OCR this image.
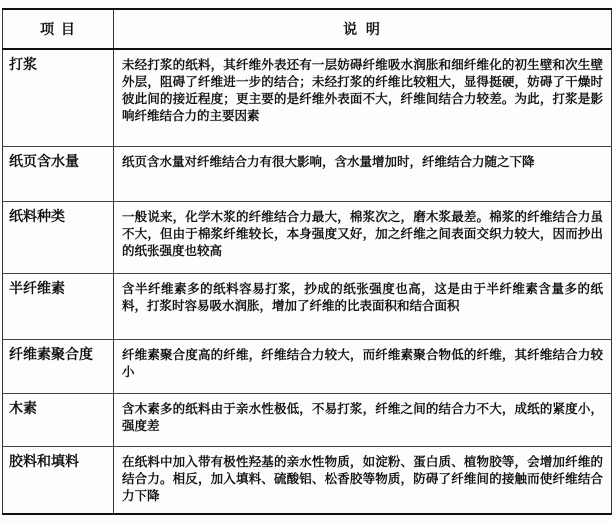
项 目	说 明
打浆	未经打浆的纸料，其纤维外表还有一层妨碍纤维吸水润胀和细纤维化的初生壁和次生壁外层，阻碍了纤维进一步的结合；未经打浆的纤维比较粗大，显得挺硬，妨碍了干燥时彼此间的接近程度；更主要的是纤维外表面不大，纤维间结合力较差。为此，打浆是影响纤维结合力的主要因素
纸页含水量	纸页含水量对纤维结合力有很大影响，含水量增加时，纤维结合力随之下降
纸料种类	一般说来，化学木浆的纤维结合力最大，棉浆次之，磨木浆最差。棉浆的纤维结合力虽不大，但由于棉浆纤维较长，本身强度又好，加之纤维之间表面交织力较大，因而抄出的纸张强度也较高
半纤维素	含半纤维素多的纸料容易打浆，抄成的纸张强度也高，这是由于半纤维素含量多的纸料，打浆时容易吸水润胀，增加了纤维的比表面积和结合面积
纤维素聚合度	纤维素聚合度高的纤维，纤维结合力较大，而纤维素聚合物低的纤维，其纤维结合力较小
木素	含木素多的纸料由于亲水性极低，不易打浆，纤维之间的结合力不大，成纸的紧度小，强度差
胶料和填料	在纸料中加入带有极性羟基的亲水性物质，如淀粉、蛋白质、植物胶等，会增加纤维的结合力。相反，加入填料、硫酸铝、松香胶等物质，防碍了纤维间的接触而使纤维结合力下降
